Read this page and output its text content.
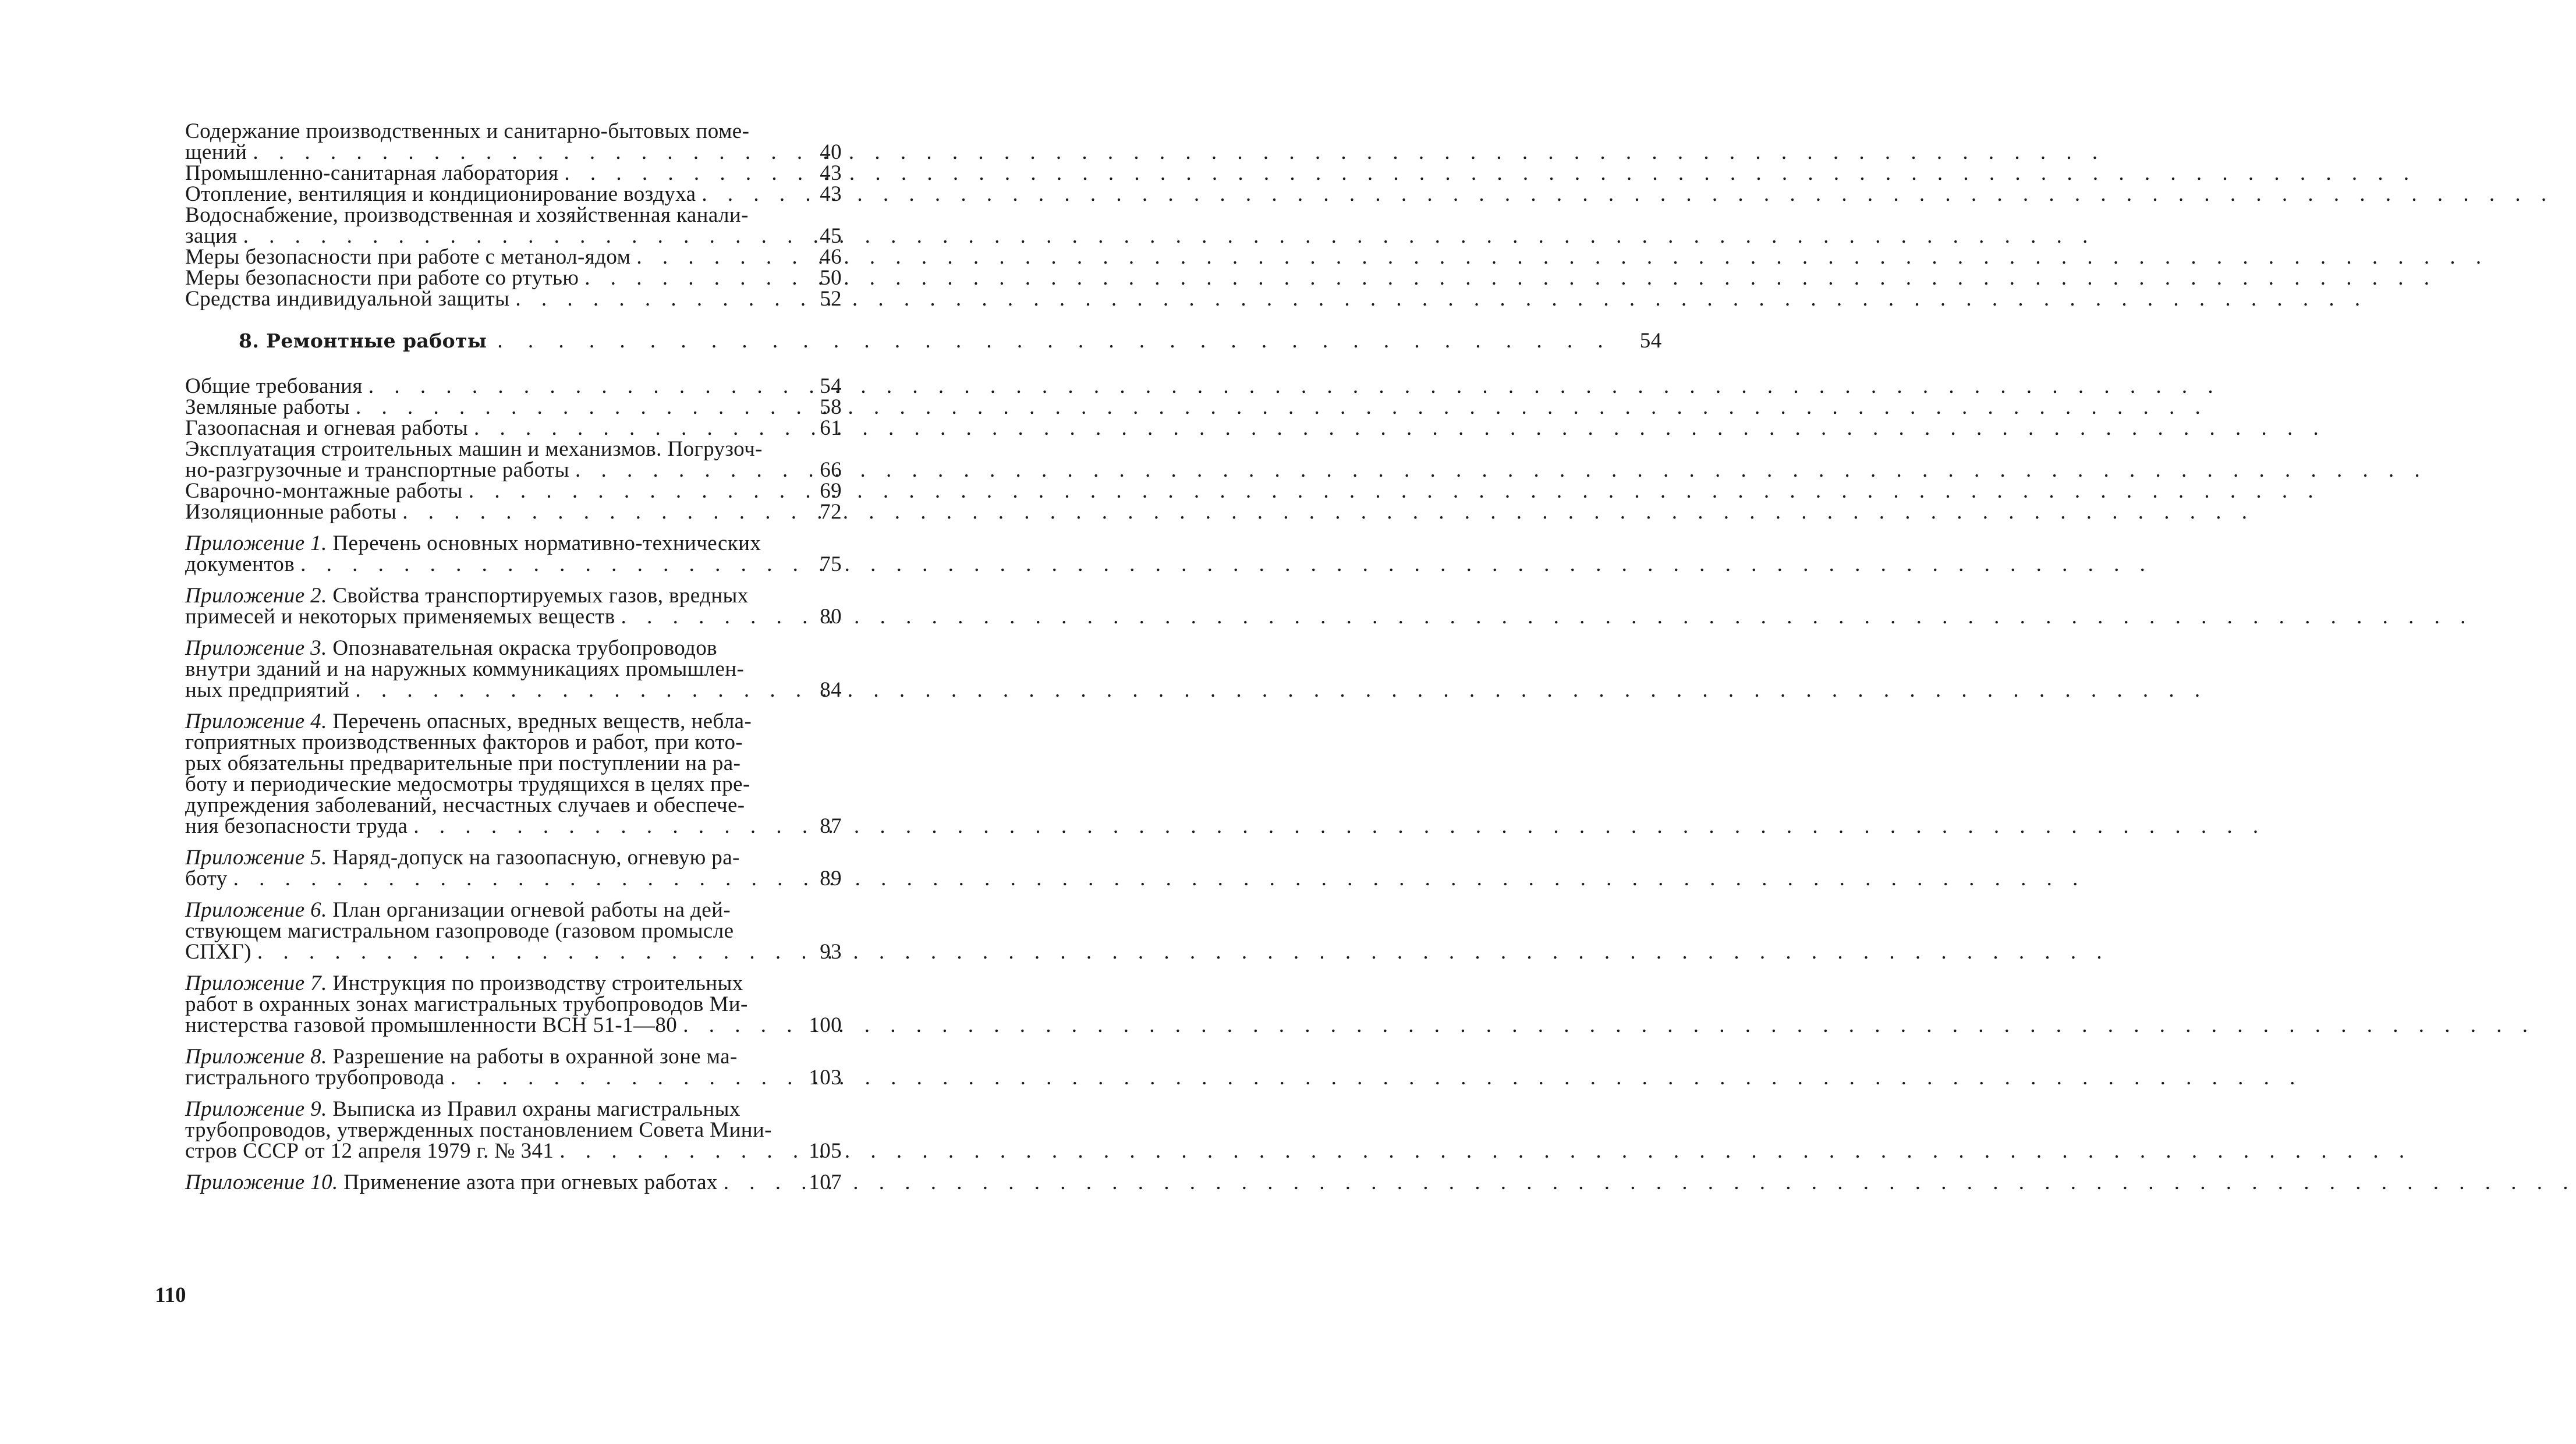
Содержание производственных и санитарно-бытовых поме-
щений . . .	40
Промышленно-санитарная лаборатория . . .	43
Отопление, вентиляция и кондиционирование воздуха . . .	43
Водоснабжение, производственная и хозяйственная канали-
зация . . .	45
Меры безопасности при работе с метанол-ядом . . .	46
Меры безопасности при работе со ртутью . . .	50
Средства индивидуальной защиты . . .	52
8. Ремонтные работы . . .	54
Общие требования . . .	54
Земляные работы . . .	58
Газоопасная и огневая работы . . .	61
Эксплуатация строительных машин и механизмов. Погрузоч-
но-разгрузочные и транспортные работы . . .	66
Сварочно-монтажные работы . . .	69
Изоляционные работы . . .	72
Приложение 1. Перечень основных нормативно-технических
документов . . .	75
Приложение 2. Свойства транспортируемых газов, вредных
примесей и некоторых применяемых веществ . . .	80
Приложение 3. Опознавательная окраска трубопроводов
внутри зданий и на наружных коммуникациях промышлен-
ных предприятий . . .	84
Приложение 4. Перечень опасных, вредных веществ, небла-
гоприятных производственных факторов и работ, при кото-
рых обязательны предварительные при поступлении на ра-
боту и периодические медосмотры трудящихся в целях пре-
дупреждения заболеваний, несчастных случаев и обеспече-
ния безопасности труда . . .	87
Приложение 5. Наряд-допуск на газоопасную, огневую ра-
боту . . .	89
Приложение 6. План организации огневой работы на дей-
ствующем магистральном газопроводе (газовом промысле
СПХГ) . . .	93
Приложение 7. Инструкция по производству строительных
работ в охранных зонах магистральных трубопроводов Ми-
нистерства газовой промышленности ВСН 51-1—80 . . .	100
Приложение 8. Разрешение на работы в охранной зоне ма-
гистрального трубопровода . . .	103
Приложение 9. Выписка из Правил охраны магистральных
трубопроводов, утвержденных постановлением Совета Мини-
стров СССР от 12 апреля 1979 г. № 341 . . .	105
Приложение 10. Применение азота при огневых работах . . .	107
110
